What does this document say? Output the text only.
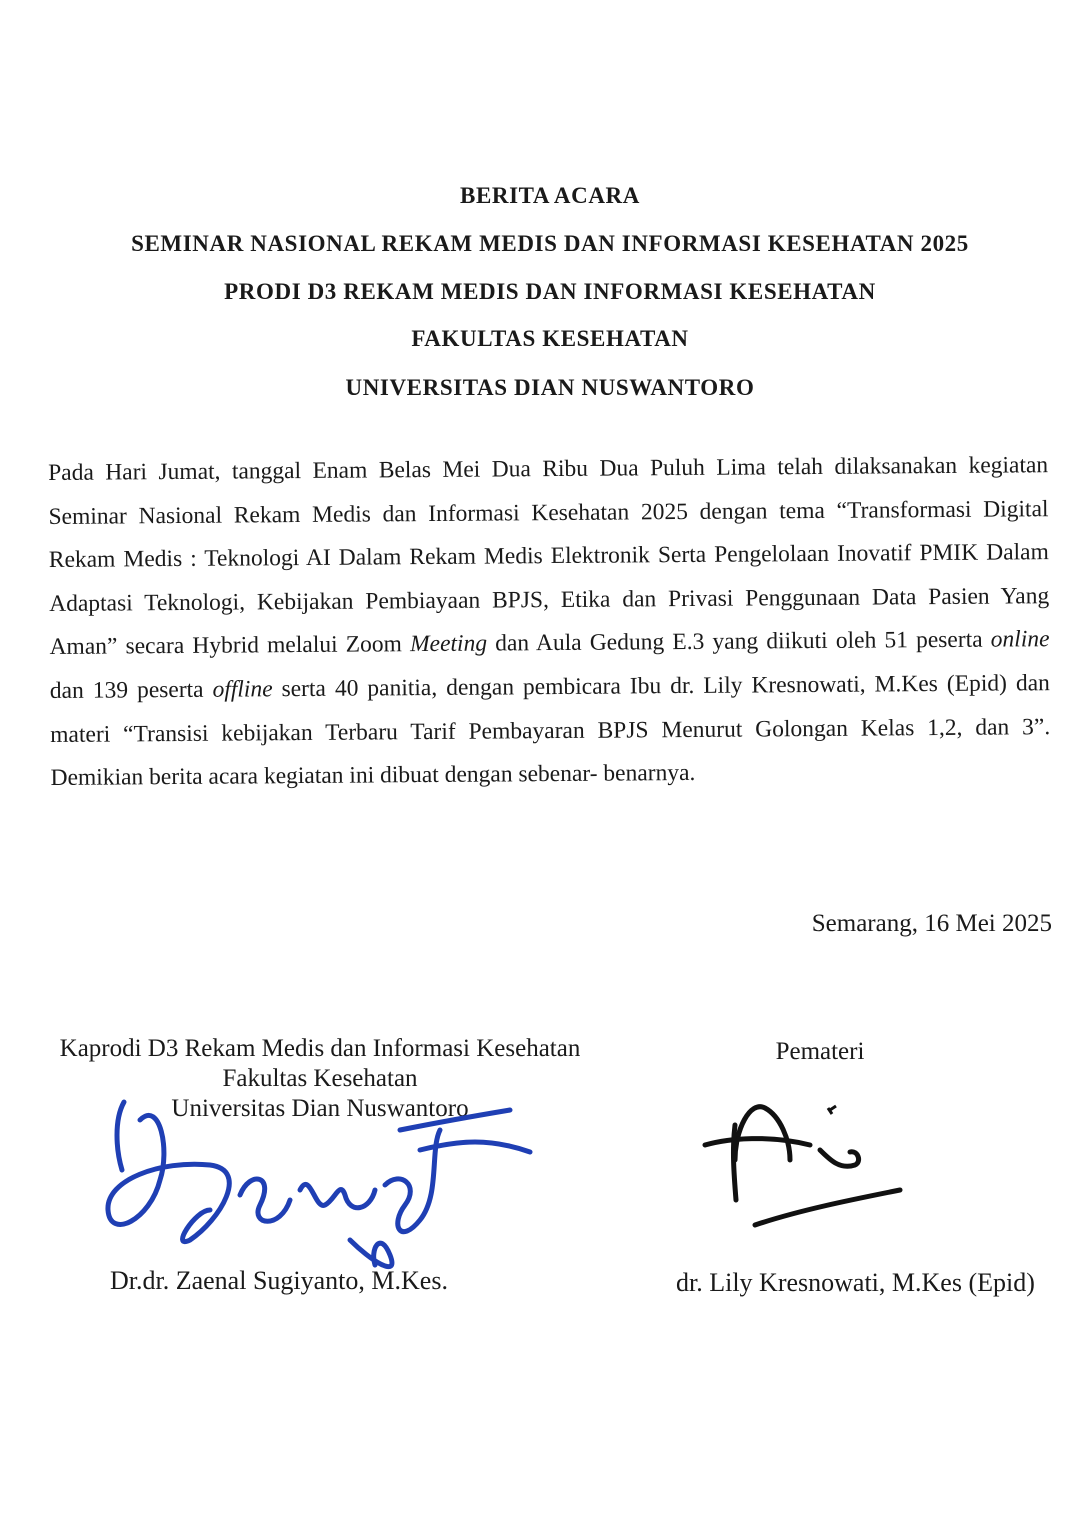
BERITA ACARA
SEMINAR NASIONAL REKAM MEDIS DAN INFORMASI KESEHATAN 2025
PRODI D3 REKAM MEDIS DAN INFORMASI KESEHATAN
FAKULTAS KESEHATAN
UNIVERSITAS DIAN NUSWANTORO
Pada Hari Jumat, tanggal Enam Belas Mei Dua Ribu Dua Puluh Lima telah dilaksanakan kegiatan Seminar Nasional Rekam Medis dan Informasi Kesehatan 2025 dengan tema “Transformasi Digital Rekam Medis : Teknologi AI Dalam Rekam Medis Elektronik Serta Pengelolaan Inovatif PMIK Dalam Adaptasi Teknologi, Kebijakan Pembiayaan BPJS, Etika dan Privasi Penggunaan Data Pasien Yang Aman” secara Hybrid melalui Zoom Meeting dan Aula Gedung E.3 yang diikuti oleh 51 peserta online dan 139 peserta offline serta 40 panitia, dengan pembicara Ibu dr. Lily Kresnowati, M.Kes (Epid) dan materi “Transisi kebijakan Terbaru Tarif Pembayaran BPJS Menurut Golongan Kelas 1,2, dan 3”. Demikian berita acara kegiatan ini dibuat dengan sebenar- benarnya.
Semarang, 16 Mei 2025
Kaprodi D3 Rekam Medis dan Informasi Kesehatan
Fakultas Kesehatan
Universitas Dian Nuswantoro
Pemateri
Dr.dr. Zaenal Sugiyanto, M.Kes.	dr. Lily Kresnowati, M.Kes (Epid)
